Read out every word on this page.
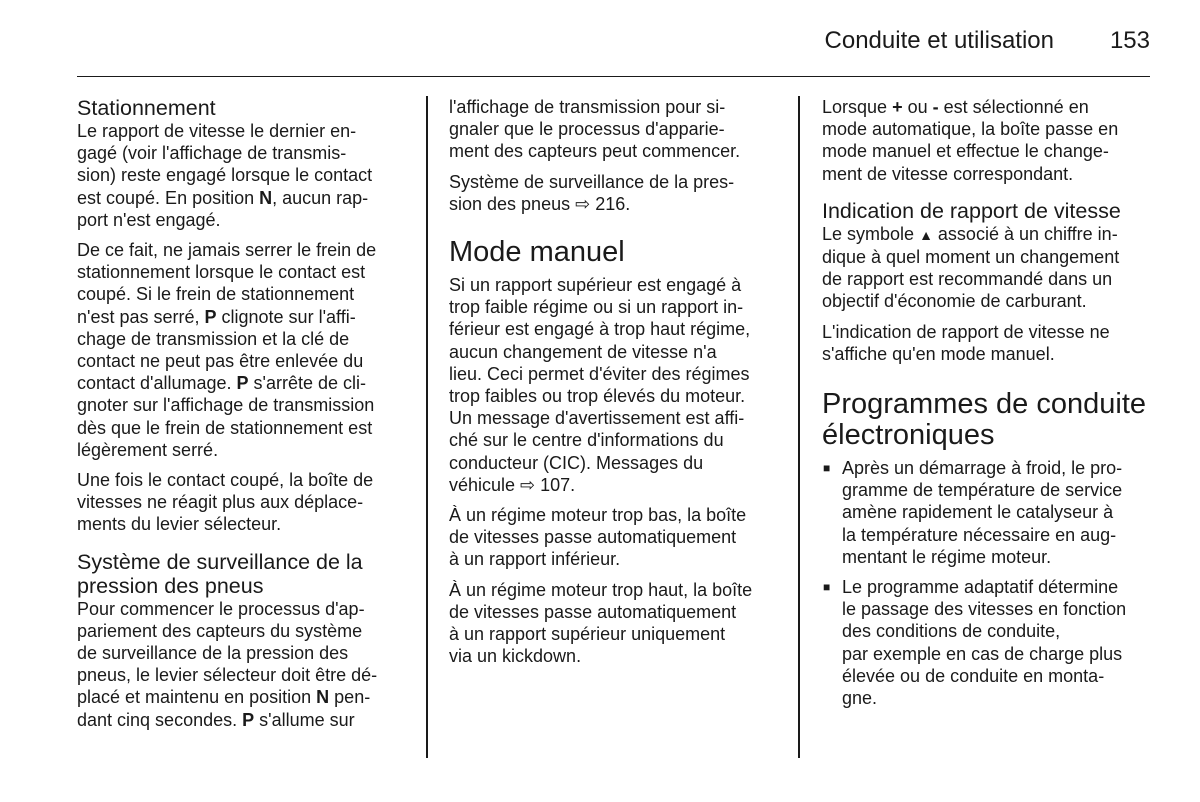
Conduite et utilisation 153
Stationnement

Le rapport de vitesse le dernier en-
gagé (voir l'affichage de transmis-
sion) reste engagé lorsque le contact
est coupé. En position N, aucun rap-
port n'est engagé.

De ce fait, ne jamais serrer le frein de
stationnement lorsque le contact est
coupé. Si le frein de stationnement
n'est pas serré, P clignote sur l'affi-
chage de transmission et la clé de
contact ne peut pas être enlevée du
contact d'allumage. P s'arrête de cli-
gnoter sur l'affichage de transmission
dès que le frein de stationnement est
légèrement serré.

Une fois le contact coupé, la boîte de
vitesses ne réagit plus aux déplace-
ments du levier sélecteur.

Système de surveillance de la
pression des pneus

Pour commencer le processus d'ap-
pariement des capteurs du système
de surveillance de la pression des
pneus, le levier sélecteur doit être dé-
placé et maintenu en position N pen-
dant cinq secondes. P s'allume sur

l'affichage de transmission pour si-
gnaler que le processus d'apparie-
ment des capteurs peut commencer.

Système de surveillance de la pres-
sion des pneus ⇨ 216.

Mode manuel

Si un rapport supérieur est engagé à
trop faible régime ou si un rapport in-
férieur est engagé à trop haut régime,
aucun changement de vitesse n'a
lieu. Ceci permet d'éviter des régimes
trop faibles ou trop élevés du moteur.
Un message d'avertissement est affi-
ché sur le centre d'informations du
conducteur (CIC). Messages du
véhicule ⇨ 107.

À un régime moteur trop bas, la boîte
de vitesses passe automatiquement
à un rapport inférieur.

À un régime moteur trop haut, la boîte
de vitesses passe automatiquement
à un rapport supérieur uniquement
via un kickdown.

Lorsque + ou - est sélectionné en
mode automatique, la boîte passe en
mode manuel et effectue le change-
ment de vitesse correspondant.

Indication de rapport de vitesse

Le symbole ▲ associé à un chiffre in-
dique à quel moment un changement
de rapport est recommandé dans un
objectif d'économie de carburant.

L'indication de rapport de vitesse ne
s'affiche qu'en mode manuel.

Programmes de conduite
électroniques
■ Après un démarrage à froid, le pro-
gramme de température de service
amène rapidement le catalyseur à
la température nécessaire en aug-
mentant le régime moteur.
■ Le programme adaptatif détermine
le passage des vitesses en fonction
des conditions de conduite,
par exemple en cas de charge plus
élevée ou de conduite en monta-
gne.
